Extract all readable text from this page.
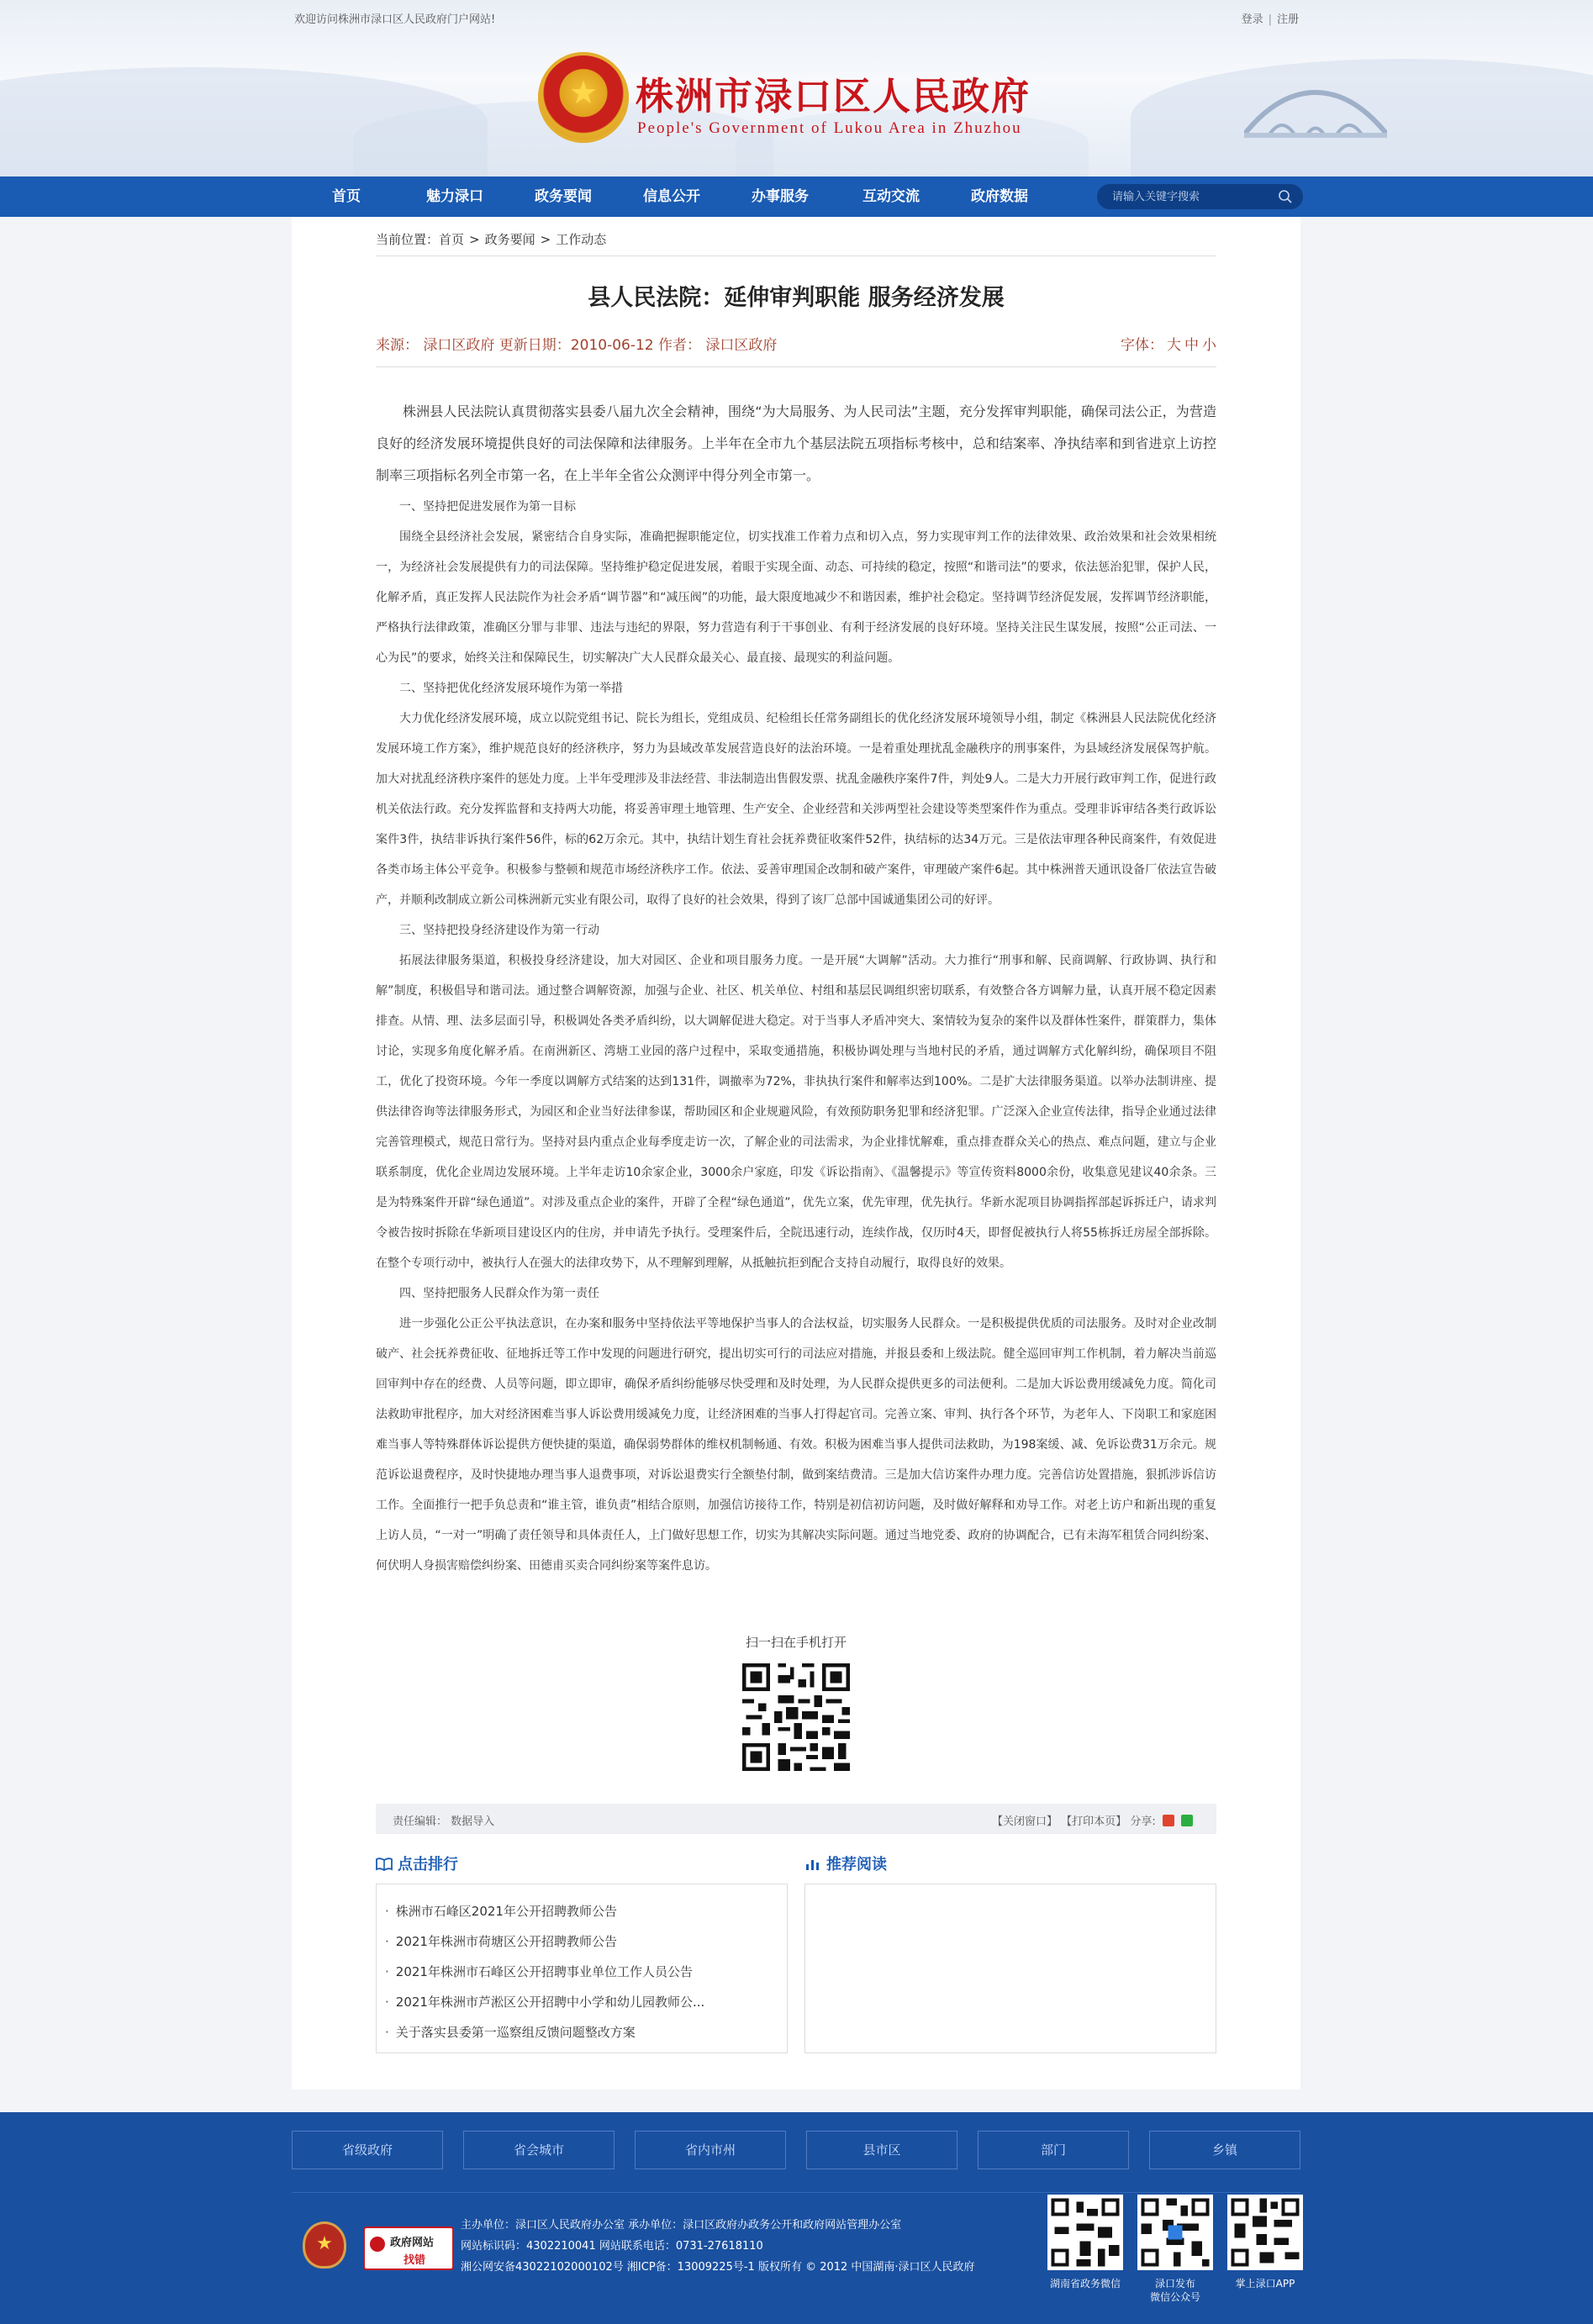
欢迎访问株洲市渌口区人民政府门户网站!	登录 | 注册
★
株洲市渌口区人民政府
People's Government of Lukou Area in Zhuzhou
首页	魅力渌口	政务要闻	信息公开	办事服务	互动交流	政府数据
请输入关键字搜索
当前位置：首页 > 政务要闻 > 工作动态
县人民法院：延伸审判职能 服务经济发展
来源： 渌口区政府 更新日期：2010-06-12 作者： 渌口区政府	字体： 大 中 小

株洲县人民法院认真贯彻落实县委八届九次全会精神，围绕“为大局服务、为人民司法”主题，充分发挥审判职能，确保司法公正，为营造良好的经济发展环境提供良好的司法保障和法律服务。上半年在全市九个基层法院五项指标考核中，总和结案率、净执结率和到省进京上访控制率三项指标名列全市第一名，在上半年全省公众测评中得分列全市第一。

一、坚持把促进发展作为第一目标

围绕全县经济社会发展，紧密结合自身实际，准确把握职能定位，切实找准工作着力点和切入点，努力实现审判工作的法律效果、政治效果和社会效果相统一，为经济社会发展提供有力的司法保障。坚持维护稳定促进发展，着眼于实现全面、动态、可持续的稳定，按照“和谐司法”的要求，依法惩治犯罪，保护人民，化解矛盾，真正发挥人民法院作为社会矛盾“调节器”和“减压阀”的功能，最大限度地减少不和谐因素，维护社会稳定。坚持调节经济促发展，发挥调节经济职能，严格执行法律政策，准确区分罪与非罪、违法与违纪的界限，努力营造有利于干事创业、有利于经济发展的良好环境。坚持关注民生谋发展，按照“公正司法、一心为民”的要求，始终关注和保障民生，切实解决广大人民群众最关心、最直接、最现实的利益问题。

二、坚持把优化经济发展环境作为第一举措

大力优化经济发展环境，成立以院党组书记、院长为组长，党组成员、纪检组长任常务副组长的优化经济发展环境领导小组，制定《株洲县人民法院优化经济发展环境工作方案》，维护规范良好的经济秩序，努力为县域改革发展营造良好的法治环境。一是着重处理扰乱金融秩序的刑事案件，为县域经济发展保驾护航。加大对扰乱经济秩序案件的惩处力度。上半年受理涉及非法经营、非法制造出售假发票、扰乱金融秩序案件7件，判处9人。二是大力开展行政审判工作，促进行政机关依法行政。充分发挥监督和支持两大功能，将妥善审理土地管理、生产安全、企业经营和关涉两型社会建设等类型案件作为重点。受理非诉审结各类行政诉讼案件3件，执结非诉执行案件56件，标的62万余元。其中，执结计划生育社会抚养费征收案件52件，执结标的达34万元。三是依法审理各种民商案件，有效促进各类市场主体公平竞争。积极参与整顿和规范市场经济秩序工作。依法、妥善审理国企改制和破产案件，审理破产案件6起。其中株洲普天通讯设备厂依法宣告破产，并顺利改制成立新公司株洲新元实业有限公司，取得了良好的社会效果，得到了该厂总部中国诚通集团公司的好评。

三、坚持把投身经济建设作为第一行动

拓展法律服务渠道，积极投身经济建设，加大对园区、企业和项目服务力度。一是开展“大调解”活动。大力推行“刑事和解、民商调解、行政协调、执行和解”制度，积极倡导和谐司法。通过整合调解资源，加强与企业、社区、机关单位、村组和基层民调组织密切联系，有效整合各方调解力量，认真开展不稳定因素排查。从情、理、法多层面引导，积极调处各类矛盾纠纷，以大调解促进大稳定。对于当事人矛盾冲突大、案情较为复杂的案件以及群体性案件，群策群力，集体讨论，实现多角度化解矛盾。在南洲新区、湾塘工业园的落户过程中，采取变通措施，积极协调处理与当地村民的矛盾，通过调解方式化解纠纷，确保项目不阻工，优化了投资环境。今年一季度以调解方式结案的达到131件，调撤率为72%，非执执行案件和解率达到100%。二是扩大法律服务渠道。以举办法制讲座、提供法律咨询等法律服务形式，为园区和企业当好法律参谋，帮助园区和企业规避风险，有效预防职务犯罪和经济犯罪。广泛深入企业宣传法律，指导企业通过法律完善管理模式，规范日常行为。坚持对县内重点企业每季度走访一次，了解企业的司法需求，为企业排忧解难，重点排查群众关心的热点、难点问题，建立与企业联系制度，优化企业周边发展环境。上半年走访10余家企业，3000余户家庭，印发《诉讼指南》、《温馨提示》等宣传资料8000余份，收集意见建议40余条。三是为特殊案件开辟“绿色通道”。对涉及重点企业的案件，开辟了全程“绿色通道”，优先立案，优先审理，优先执行。华新水泥项目协调指挥部起诉拆迁户，请求判令被告按时拆除在华新项目建设区内的住房，并申请先予执行。受理案件后，全院迅速行动，连续作战，仅历时4天，即督促被执行人将55栋拆迁房屋全部拆除。在整个专项行动中，被执行人在强大的法律攻势下，从不理解到理解，从抵触抗拒到配合支持自动履行，取得良好的效果。

四、坚持把服务人民群众作为第一责任

进一步强化公正公平执法意识，在办案和服务中坚持依法平等地保护当事人的合法权益，切实服务人民群众。一是积极提供优质的司法服务。及时对企业改制破产、社会抚养费征收、征地拆迁等工作中发现的问题进行研究，提出切实可行的司法应对措施，并报县委和上级法院。健全巡回审判工作机制，着力解决当前巡回审判中存在的经费、人员等问题，即立即审，确保矛盾纠纷能够尽快受理和及时处理，为人民群众提供更多的司法便利。二是加大诉讼费用缓减免力度。简化司法救助审批程序，加大对经济困难当事人诉讼费用缓减免力度，让经济困难的当事人打得起官司。完善立案、审判、执行各个环节，为老年人、下岗职工和家庭困难当事人等特殊群体诉讼提供方便快捷的渠道，确保弱势群体的维权机制畅通、有效。积极为困难当事人提供司法救助，为198案缓、减、免诉讼费31万余元。规范诉讼退费程序，及时快捷地办理当事人退费事项，对诉讼退费实行全额垫付制，做到案结费清。三是加大信访案件办理力度。完善信访处置措施，狠抓涉诉信访工作。全面推行一把手负总责和“谁主管，谁负责”相结合原则，加强信访接待工作，特别是初信初访问题，及时做好解释和劝导工作。对老上访户和新出现的重复上访人员，“一对一”明确了责任领导和具体责任人，上门做好思想工作，切实为其解决实际问题。通过当地党委、政府的协调配合，已有未海军租赁合同纠纷案、何伏明人身损害赔偿纠纷案、田德甫买卖合同纠纷案等案件息访。

扫一扫在手机打开
责任编辑： 数据导入	【关闭窗口】 【打印本页】 分享:
点击排行
· 株洲市石峰区2021年公开招聘教师公告
· 2021年株洲市荷塘区公开招聘教师公告
· 2021年株洲市石峰区公开招聘事业单位工作人员公告
· 2021年株洲市芦淞区公开招聘中小学和幼儿园教师公...
· 关于落实县委第一巡察组反馈问题整改方案
推荐阅读
省级政府	省会城市	省内市州	县市区	部门	乡镇
★
政府网站
找错
主办单位：渌口区人民政府办公室 承办单位：渌口区政府办政务公开和政府网站管理办公室
网站标识码：4302210041 网站联系电话：0731-27618110
湘公网安备43022102000102号 湘ICP备：13009225号-1 版权所有 © 2012 中国湖南·渌口区人民政府
湖南省政务微信	渌口发布
微信公众号
掌上渌口APP
